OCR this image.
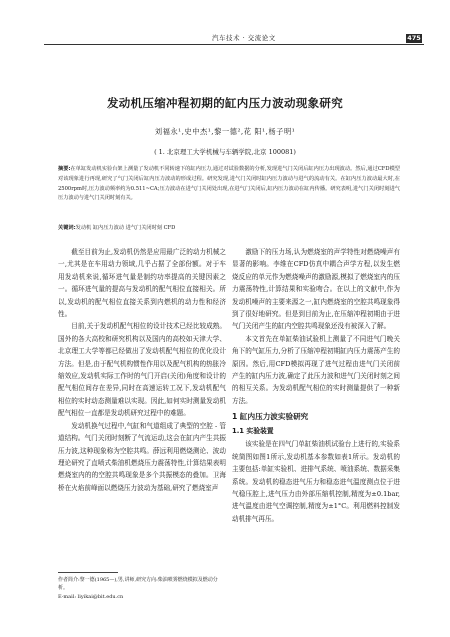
汽车技术 · 交流论文	475
发动机压缩冲程初期的缸内压力波动现象研究
刘福永¹,史中杰¹,黎一德²,花 阳¹,杨子明¹
( 1. 北京理工大学机械与车辆学院,北京 100081)
摘要:在单缸发动机实验台架上测量了发动机不同转速下的缸内压力,通过对试验数据的分析,发现进气门关闭后缸内压力出现波动。然后,通过CFD模型对该现象进行再现,研究了气门关闭后缸内压力波动的形成过程。研究发现,进气门关闭时缸内压力波动与进气的流动有关。在缸内压力波动最大时,在2500rpm时,压力波动频率约为0.511~CA;压力波动在进气门关闭处出现,在进气门关闭后,缸内压力波动在缸内传播。研究表明,进气门关闭时刻进气压力波动与进气门关闭时刻有关。
关键词:发动机 缸内压力波动 进气门关闭时刻 CFD

截至目前为止,发动机仍然是应用最广泛的动力机械之一,尤其是在车用动力领域,几乎占据了全部份额。对于车用发动机来说,循环进气量是制约功率提高的关键因素之一。循环进气量的提高与发动机的配气相位直接相关。所以,发动机的配气相位直接关系到内燃机的动力性和经济性。

目前,关于发动机配气相位的设计技术已经比较成熟。国外的各大高校和研究机构以及国内的高校如天津大学、北京理工大学等都已经做出了发动机配气相位的优化设计方法。但是,由于配气机构惯性作用以及配气机构的热胀冷缩效应,发动机实际工作时的气门开启(关闭)角度和设计的配气相位间存在差异,同时在高速运转工况下,发动机配气相位的实时动态测量难以实现。因此,如何实时测量发动机配气相位一直都是发动机研究过程中的难题。

发动机换气过程中,气缸和气道组成了典型的空腔 - 管道结构。气门关闭时刻断了气流运动,这会在缸内产生共振压力波,这种现象称为空腔共鸣。薛远利用燃烧测论、波动理论研究了直喷式柴油机燃烧压力震荡特性,计算结果表明燃烧室内的的空腔共鸣现象是多个共振模态的叠加。卫海桥在火焰前峰面以燃烧压力波动为基础,研究了燃烧室声

激励下的压力场,认为燃烧室的声学特性对燃烧噪声有显著的影响。李维在CFD仿真中耦合声学方程,以发生燃烧反应的单元作为燃烧噪声的激励源,模拟了燃烧室内的压力震荡特性,计算结果和实验吻合。在以上的文献中,作为发动机噪声的主要来源之一,缸内燃烧室的空腔共鸣现象得到了很好地研究。但是到目前为止,在压缩冲程初期由于进气门关闭产生的缸内空腔共鸣现象还没有被深入了解。

本文首先在单缸柴油试验机上测量了不同进气门晚关角下的气缸压力,分析了压缩冲程初期缸内压力震荡产生的原因。然后,用CFD模拟再现了进气过程由进气门关闭前产生的缸内压力波,确定了此压力波和进气门关闭时刻之间的相互关系。为发动机配气相位的实时测量提供了一种新方法。

1 缸内压力波实验研究
1.1 实验装置

该实验是在四气门单缸柴油机试验台上进行的,实验系统简图如图1所示,发动机基本参数如表1所示。发动机的主要包括:单缸实验机、进排气系统、喷油系统、数据采集系统。发动机的稳态进气压力和稳态进气温度测点位于进气稳压腔上,进气压力由外部压缩机控制,精度为±0.1bar,进气温度由进气空调控制,精度为±1°C。利用燃料控制发动机排气再压。

作者简介:黎一德(1965—),男,讲师,研究方向:柴油喷雾燃烧模拟及燃动分析。
E-mail: liyikai@bit.edu.cn
